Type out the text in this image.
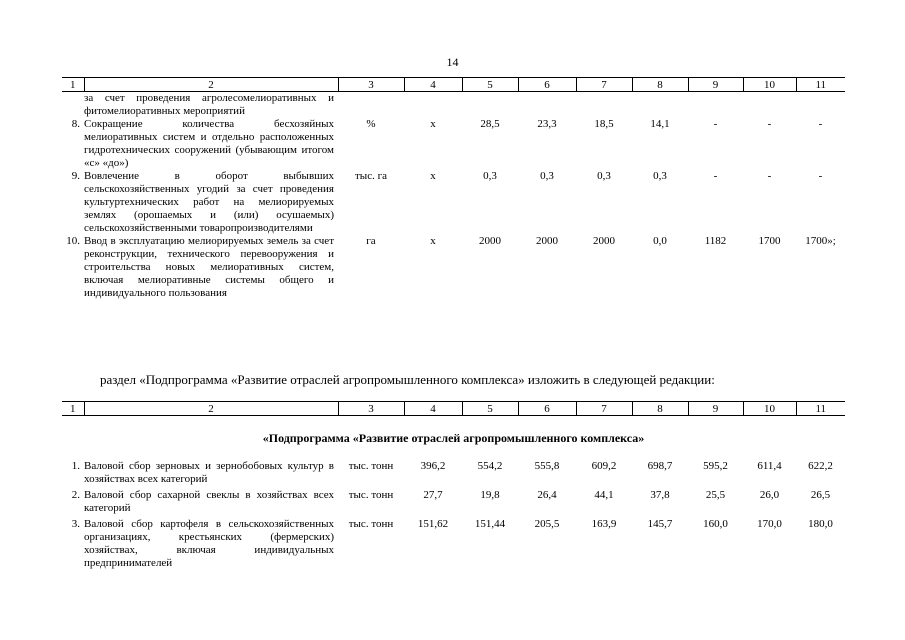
14
1	2	3	4	5	6	7	8	9	10	11
	за счет проведения агролесомелиоративных и фитомелиоративных мероприятий									
8.	Сокращение количества бесхозяйных мелиоративных систем и отдельно расположенных гидротехнических сооружений (убывающим итогом «с» «до»)	%	x	28,5	23,3	18,5	14,1	-	-	-
9.	Вовлечение в оборот выбывших сельскохозяйственных угодий за счет проведения культуртехнических работ на мелиорируемых землях (орошаемых и (или) осушаемых) сельскохозяйственными товаропроизводителями	тыс. га	x	0,3	0,3	0,3	0,3	-	-	-
10.	Ввод в эксплуатацию мелиорируемых земель за счет реконструкции, технического перевооружения и строительства новых мелиоративных систем, включая мелиоративные системы общего и индивидуального пользования	га	x	2000	2000	2000	0,0	1182	1700	1700»;
раздел «Подпрограмма «Развитие отраслей агропромышленного комплекса» изложить в следующей редакции:
1	2	3	4	5	6	7	8	9	10	11
«Подпрограмма «Развитие отраслей агропромышленного комплекса»
1.	Валовой сбор зерновых и зернобобовых культур в хозяйствах всех категорий	тыс. тонн	396,2	554,2	555,8	609,2	698,7	595,2	611,4	622,2
2.	Валовой сбор сахарной свеклы в хозяйствах всех категорий	тыс. тонн	27,7	19,8	26,4	44,1	37,8	25,5	26,0	26,5
3.	Валовой сбор картофеля в сельскохозяйственных организациях, крестьянских (фермерских) хозяйствах, включая индивидуальных предпринимателей	тыс. тонн	151,62	151,44	205,5	163,9	145,7	160,0	170,0	180,0
